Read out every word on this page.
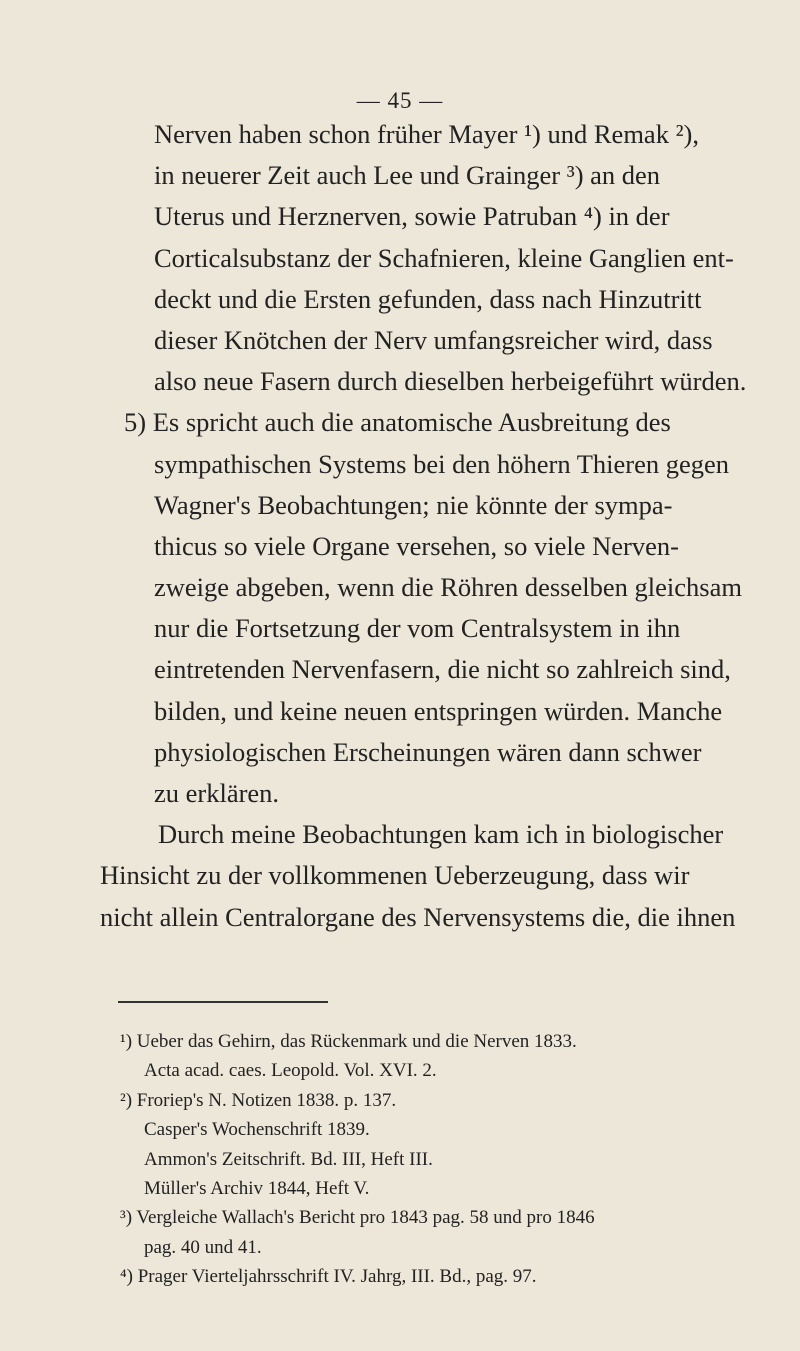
— 45 —
Nerven haben schon früher Mayer ¹) und Remak ²),
in neuerer Zeit auch Lee und Grainger ³) an den
Uterus und Herznerven, sowie Patruban ⁴) in der
Corticalsubstanz der Schafnieren, kleine Ganglien ent-
deckt und die Ersten gefunden, dass nach Hinzutritt
dieser Knötchen der Nerv umfangsreicher wird, dass
also neue Fasern durch dieselben herbeigeführt würden.
5) Es spricht auch die anatomische Ausbreitung des
sympathischen Systems bei den höhern Thieren gegen
Wagner's Beobachtungen; nie könnte der sympa-
thicus so viele Organe versehen, so viele Nerven-
zweige abgeben, wenn die Röhren desselben gleichsam
nur die Fortsetzung der vom Centralsystem in ihn
eintretenden Nervenfasern, die nicht so zahlreich sind,
bilden, und keine neuen entspringen würden. Manche
physiologischen Erscheinungen wären dann schwer
zu erklären.
Durch meine Beobachtungen kam ich in biologischer
Hinsicht zu der vollkommenen Ueberzeugung, dass wir
nicht allein Centralorgane des Nervensystems die, die ihnen
¹) Ueber das Gehirn, das Rückenmark und die Nerven 1833.
Acta acad. caes. Leopold. Vol. XVI. 2.
²) Froriep's N. Notizen 1838. p. 137.
Casper's Wochenschrift 1839.
Ammon's Zeitschrift. Bd. III, Heft III.
Müller's Archiv 1844, Heft V.
³) Vergleiche Wallach's Bericht pro 1843 pag. 58 und pro 1846
pag. 40 und 41.
⁴) Prager Vierteljahrsschrift IV. Jahrg, III. Bd., pag. 97.
